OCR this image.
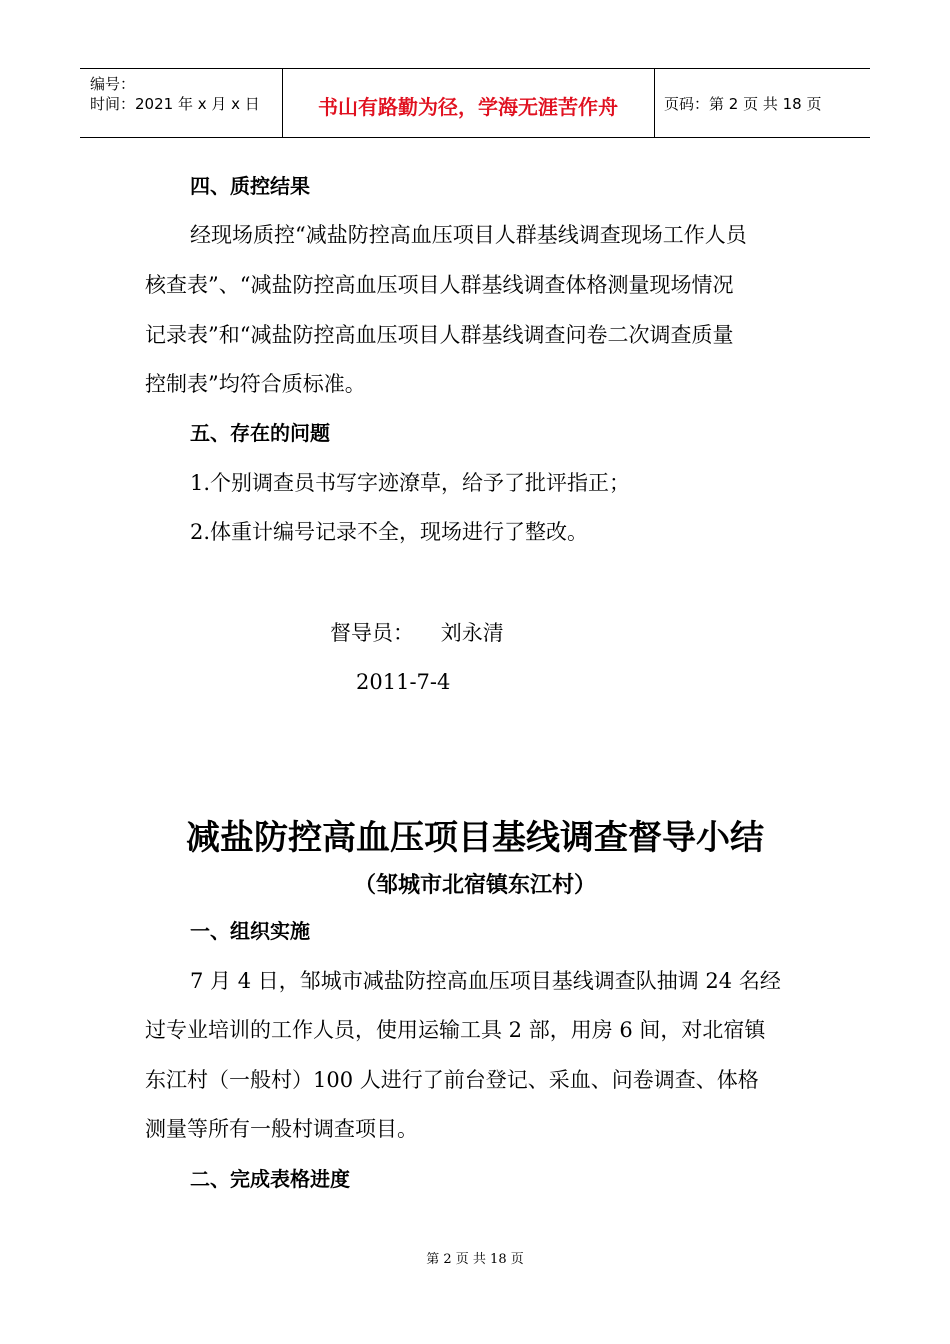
编号：
时间：2021 年 x 月 x 日	书山有路勤为径，学海无涯苦作舟	页码：第 2 页 共 18 页
四、质控结果
经现场质控“减盐防控高血压项目人群基线调查现场工作人员
核查表”、“减盐防控高血压项目人群基线调查体格测量现场情况
记录表”和“减盐防控高血压项目人群基线调查问卷二次调查质量
控制表”均符合质标准。
五、存在的问题
1.个别调查员书写字迹潦草，给予了批评指正；
2.体重计编号记录不全，现场进行了整改。
督导员：    刘永清
2011-7-4
减盐防控高血压项目基线调查督导小结
（邹城市北宿镇东江村）
一、组织实施
7 月 4 日，邹城市减盐防控高血压项目基线调查队抽调 24 名经
过专业培训的工作人员，使用运输工具 2 部，用房 6 间，对北宿镇
东江村（一般村）100 人进行了前台登记、采血、问卷调查、体格
测量等所有一般村调查项目。
二、完成表格进度
第 2 页 共 18 页
